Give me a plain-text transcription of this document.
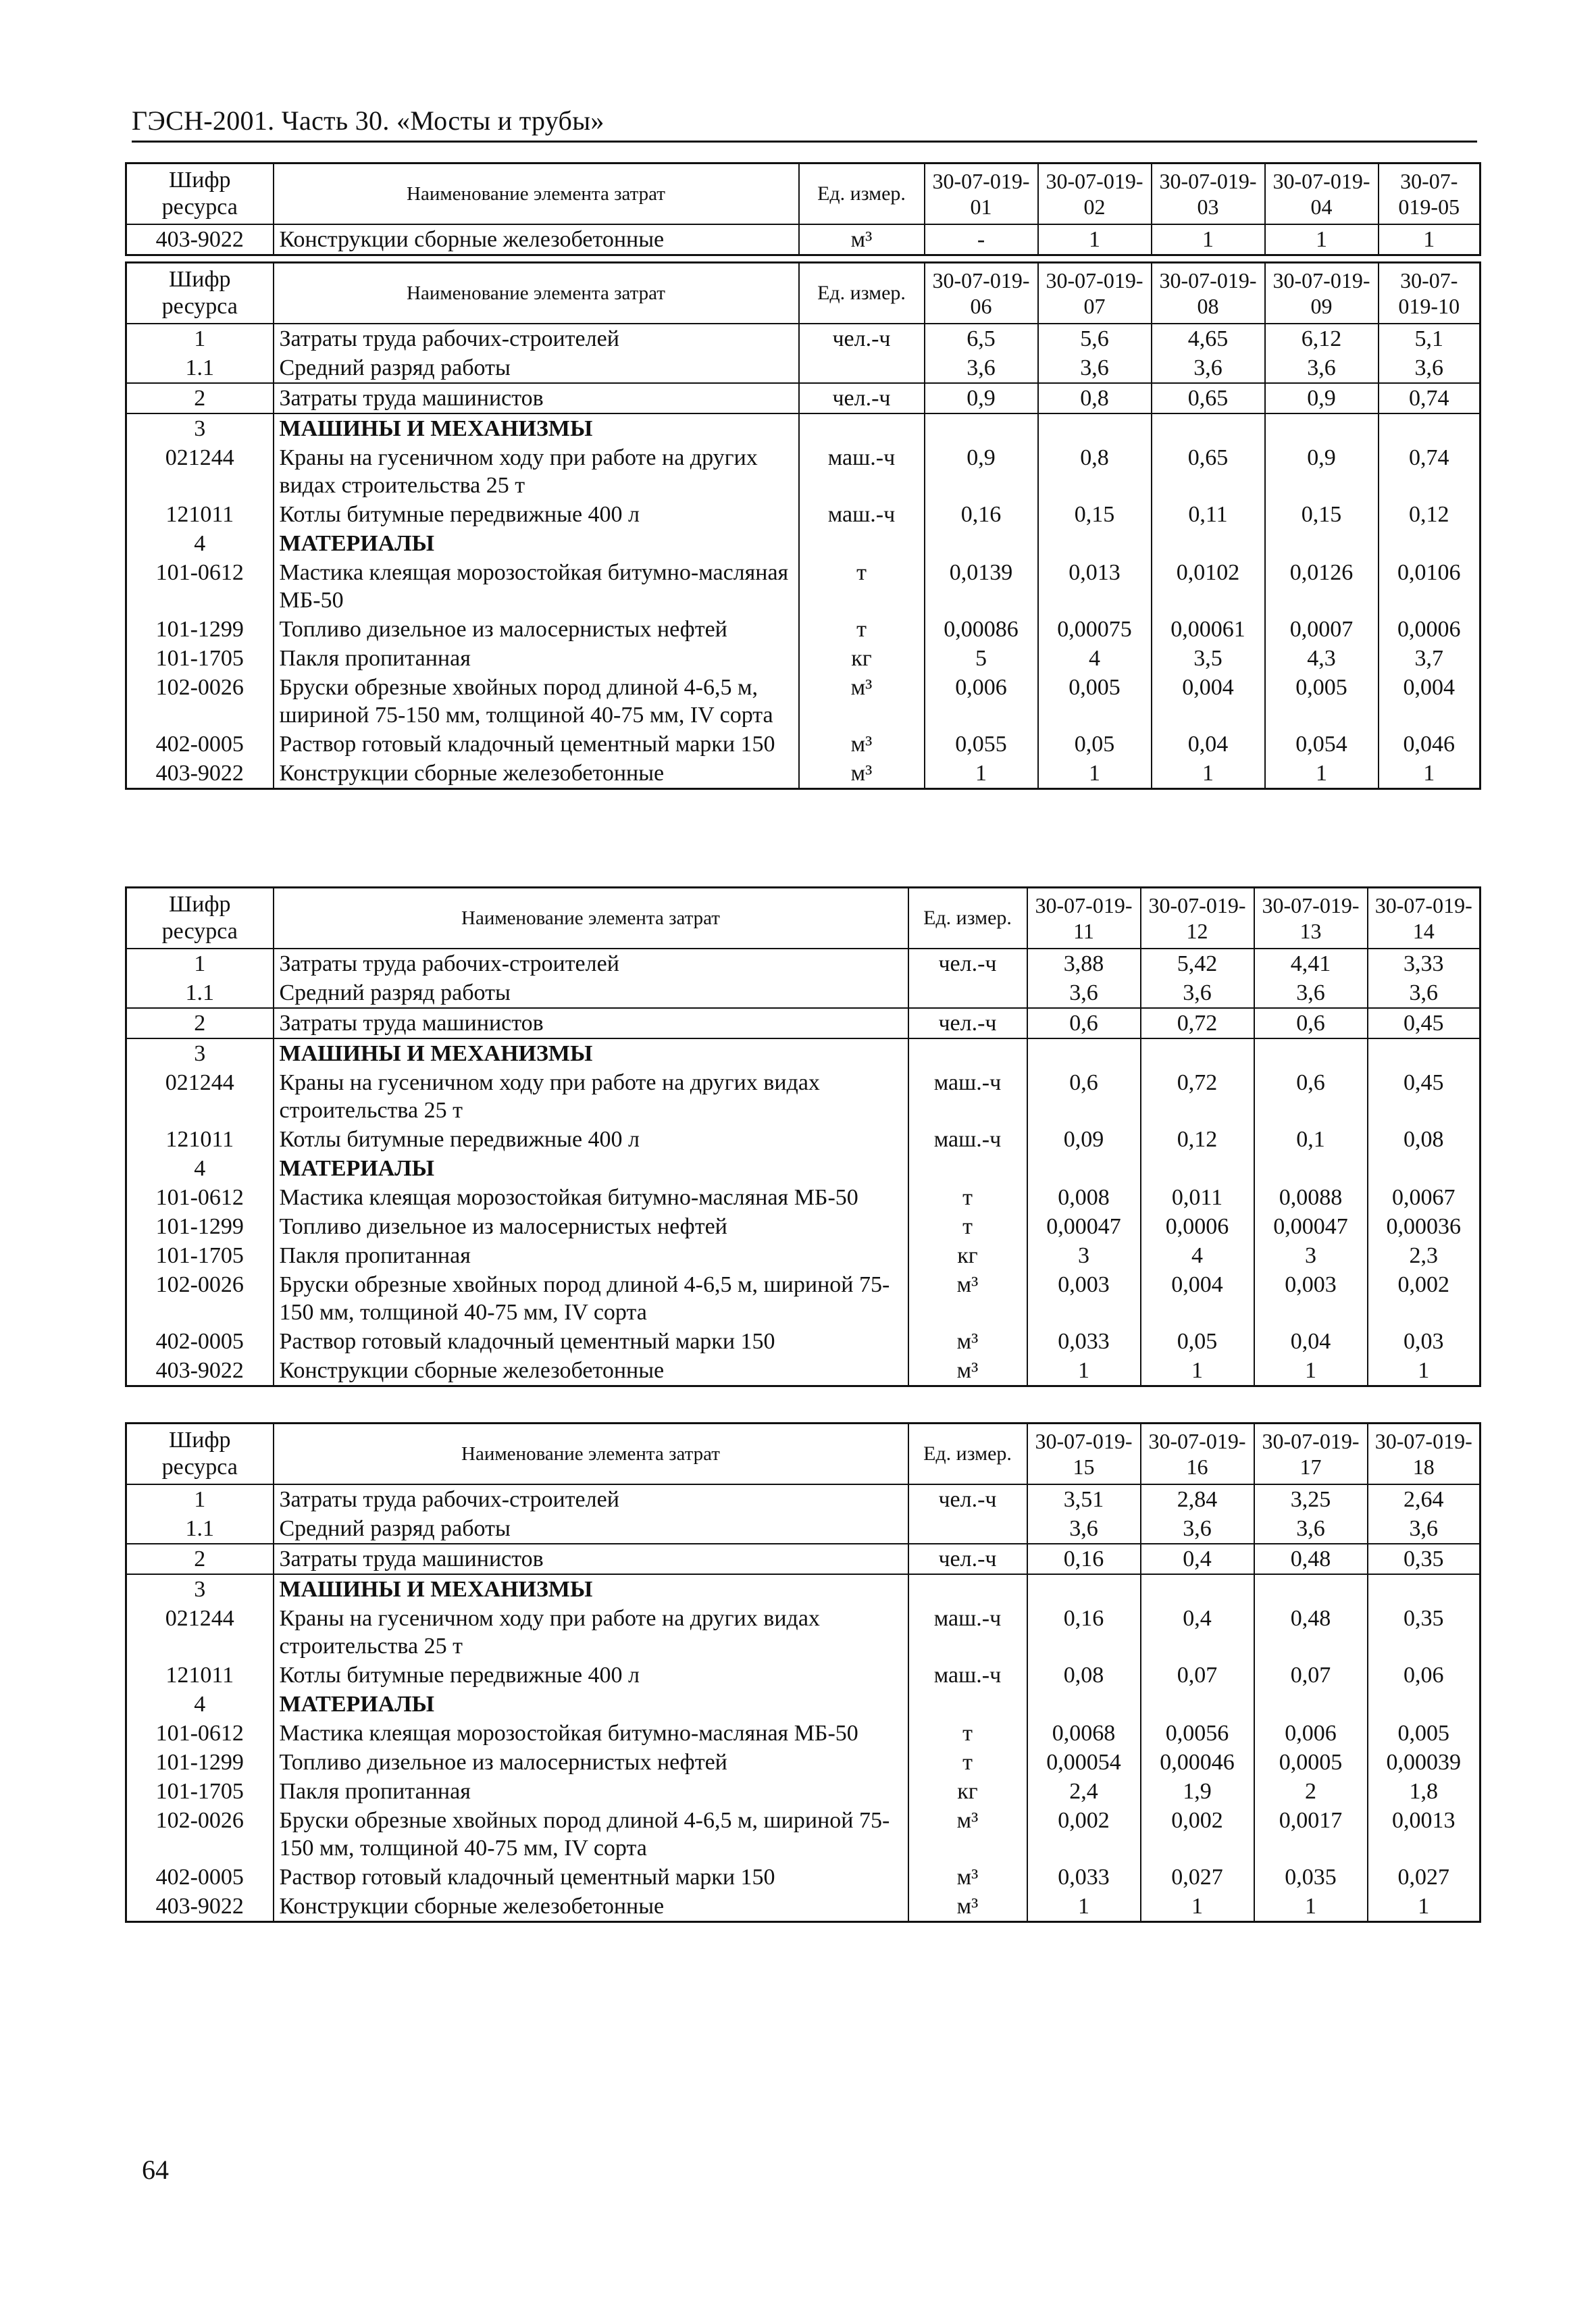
ГЭСН-2001. Часть 30. «Мосты и трубы»
Шифр ресурса	Наименование элемента затрат	Ед. измер.	30-07-019-01	30-07-019-02	30-07-019-03	30-07-019-04	30-07-019-05
403-9022	Конструкции сборные железобетонные	м³	-	1	1	1	1
Шифр ресурса	Наименование элемента затрат	Ед. измер.	30-07-019-06	30-07-019-07	30-07-019-08	30-07-019-09	30-07-019-10
1	Затраты труда рабочих-строителей	чел.-ч	6,5	5,6	4,65	6,12	5,1
1.1	Средний разряд работы		3,6	3,6	3,6	3,6	3,6
2	Затраты труда машинистов	чел.-ч	0,9	0,8	0,65	0,9	0,74
3	МАШИНЫ И МЕХАНИЗМЫ						
021244	Краны на гусеничном ходу при работе на других видах строительства 25 т	маш.-ч	0,9	0,8	0,65	0,9	0,74
121011	Котлы битумные передвижные 400 л	маш.-ч	0,16	0,15	0,11	0,15	0,12
4	МАТЕРИАЛЫ						
101-0612	Мастика клеящая морозостойкая битумно-масляная МБ-50	т	0,0139	0,013	0,0102	0,0126	0,0106
101-1299	Топливо дизельное из малосернистых нефтей	т	0,00086	0,00075	0,00061	0,0007	0,0006
101-1705	Пакля пропитанная	кг	5	4	3,5	4,3	3,7
102-0026	Бруски обрезные хвойных пород длиной 4-6,5 м, шириной 75-150 мм, толщиной 40-75 мм, IV сорта	м³	0,006	0,005	0,004	0,005	0,004
402-0005	Раствор готовый кладочный цементный марки 150	м³	0,055	0,05	0,04	0,054	0,046
403-9022	Конструкции сборные железобетонные	м³	1	1	1	1	1
Шифр ресурса	Наименование элемента затрат	Ед. измер.	30-07-019-11	30-07-019-12	30-07-019-13	30-07-019-14
1	Затраты труда рабочих-строителей	чел.-ч	3,88	5,42	4,41	3,33
1.1	Средний разряд работы		3,6	3,6	3,6	3,6
2	Затраты труда машинистов	чел.-ч	0,6	0,72	0,6	0,45
3	МАШИНЫ И МЕХАНИЗМЫ					
021244	Краны на гусеничном ходу при работе на других видах строительства 25 т	маш.-ч	0,6	0,72	0,6	0,45
121011	Котлы битумные передвижные 400 л	маш.-ч	0,09	0,12	0,1	0,08
4	МАТЕРИАЛЫ					
101-0612	Мастика клеящая морозостойкая битумно-масляная МБ-50	т	0,008	0,011	0,0088	0,0067
101-1299	Топливо дизельное из малосернистых нефтей	т	0,00047	0,0006	0,00047	0,00036
101-1705	Пакля пропитанная	кг	3	4	3	2,3
102-0026	Бруски обрезные хвойных пород длиной 4-6,5 м, шириной 75-150 мм, толщиной 40-75 мм, IV сорта	м³	0,003	0,004	0,003	0,002
402-0005	Раствор готовый кладочный цементный марки 150	м³	0,033	0,05	0,04	0,03
403-9022	Конструкции сборные железобетонные	м³	1	1	1	1
Шифр ресурса	Наименование элемента затрат	Ед. измер.	30-07-019-15	30-07-019-16	30-07-019-17	30-07-019-18
1	Затраты труда рабочих-строителей	чел.-ч	3,51	2,84	3,25	2,64
1.1	Средний разряд работы		3,6	3,6	3,6	3,6
2	Затраты труда машинистов	чел.-ч	0,16	0,4	0,48	0,35
3	МАШИНЫ И МЕХАНИЗМЫ					
021244	Краны на гусеничном ходу при работе на других видах строительства 25 т	маш.-ч	0,16	0,4	0,48	0,35
121011	Котлы битумные передвижные 400 л	маш.-ч	0,08	0,07	0,07	0,06
4	МАТЕРИАЛЫ					
101-0612	Мастика клеящая морозостойкая битумно-масляная МБ-50	т	0,0068	0,0056	0,006	0,005
101-1299	Топливо дизельное из малосернистых нефтей	т	0,00054	0,00046	0,0005	0,00039
101-1705	Пакля пропитанная	кг	2,4	1,9	2	1,8
102-0026	Бруски обрезные хвойных пород длиной 4-6,5 м, шириной 75-150 мм, толщиной 40-75 мм, IV сорта	м³	0,002	0,002	0,0017	0,0013
402-0005	Раствор готовый кладочный цементный марки 150	м³	0,033	0,027	0,035	0,027
403-9022	Конструкции сборные железобетонные	м³	1	1	1	1
64
